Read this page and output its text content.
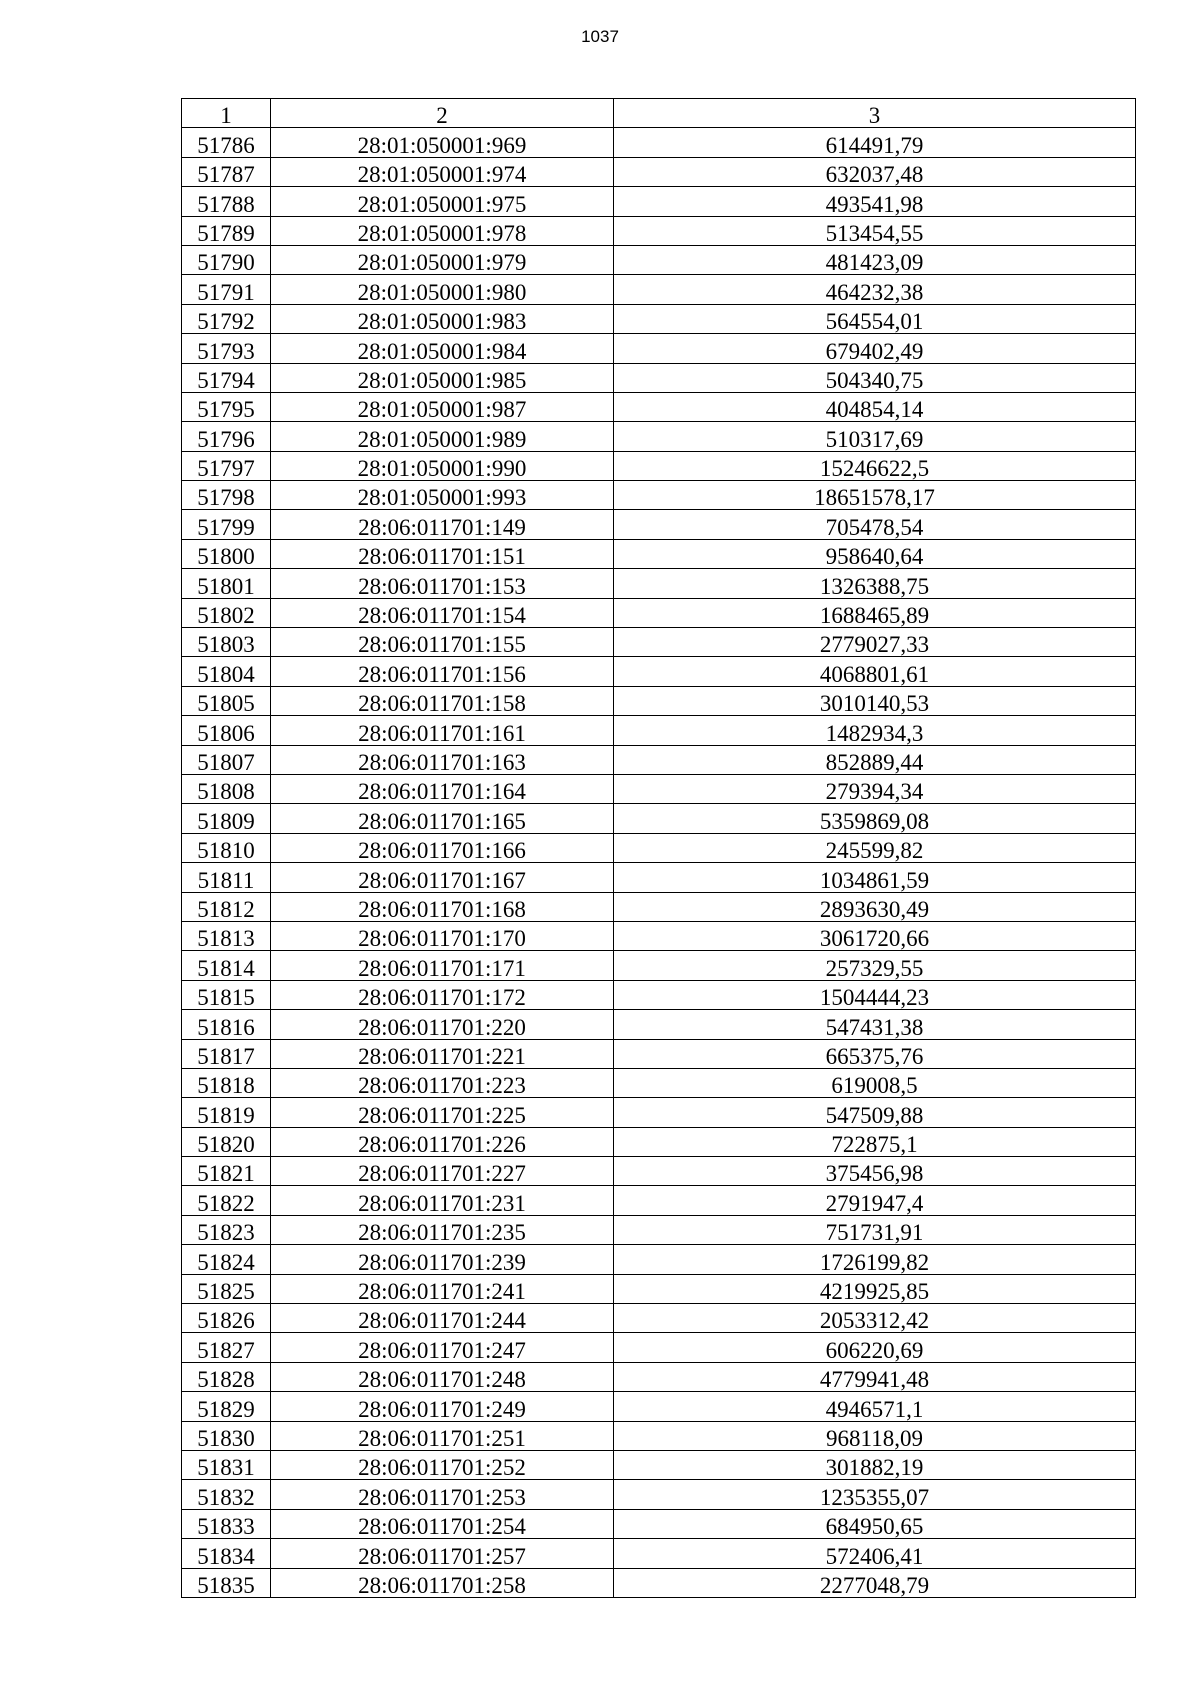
1037
1	2	3
51786	28:01:050001:969	614491,79
51787	28:01:050001:974	632037,48
51788	28:01:050001:975	493541,98
51789	28:01:050001:978	513454,55
51790	28:01:050001:979	481423,09
51791	28:01:050001:980	464232,38
51792	28:01:050001:983	564554,01
51793	28:01:050001:984	679402,49
51794	28:01:050001:985	504340,75
51795	28:01:050001:987	404854,14
51796	28:01:050001:989	510317,69
51797	28:01:050001:990	15246622,5
51798	28:01:050001:993	18651578,17
51799	28:06:011701:149	705478,54
51800	28:06:011701:151	958640,64
51801	28:06:011701:153	1326388,75
51802	28:06:011701:154	1688465,89
51803	28:06:011701:155	2779027,33
51804	28:06:011701:156	4068801,61
51805	28:06:011701:158	3010140,53
51806	28:06:011701:161	1482934,3
51807	28:06:011701:163	852889,44
51808	28:06:011701:164	279394,34
51809	28:06:011701:165	5359869,08
51810	28:06:011701:166	245599,82
51811	28:06:011701:167	1034861,59
51812	28:06:011701:168	2893630,49
51813	28:06:011701:170	3061720,66
51814	28:06:011701:171	257329,55
51815	28:06:011701:172	1504444,23
51816	28:06:011701:220	547431,38
51817	28:06:011701:221	665375,76
51818	28:06:011701:223	619008,5
51819	28:06:011701:225	547509,88
51820	28:06:011701:226	722875,1
51821	28:06:011701:227	375456,98
51822	28:06:011701:231	2791947,4
51823	28:06:011701:235	751731,91
51824	28:06:011701:239	1726199,82
51825	28:06:011701:241	4219925,85
51826	28:06:011701:244	2053312,42
51827	28:06:011701:247	606220,69
51828	28:06:011701:248	4779941,48
51829	28:06:011701:249	4946571,1
51830	28:06:011701:251	968118,09
51831	28:06:011701:252	301882,19
51832	28:06:011701:253	1235355,07
51833	28:06:011701:254	684950,65
51834	28:06:011701:257	572406,41
51835	28:06:011701:258	2277048,79
